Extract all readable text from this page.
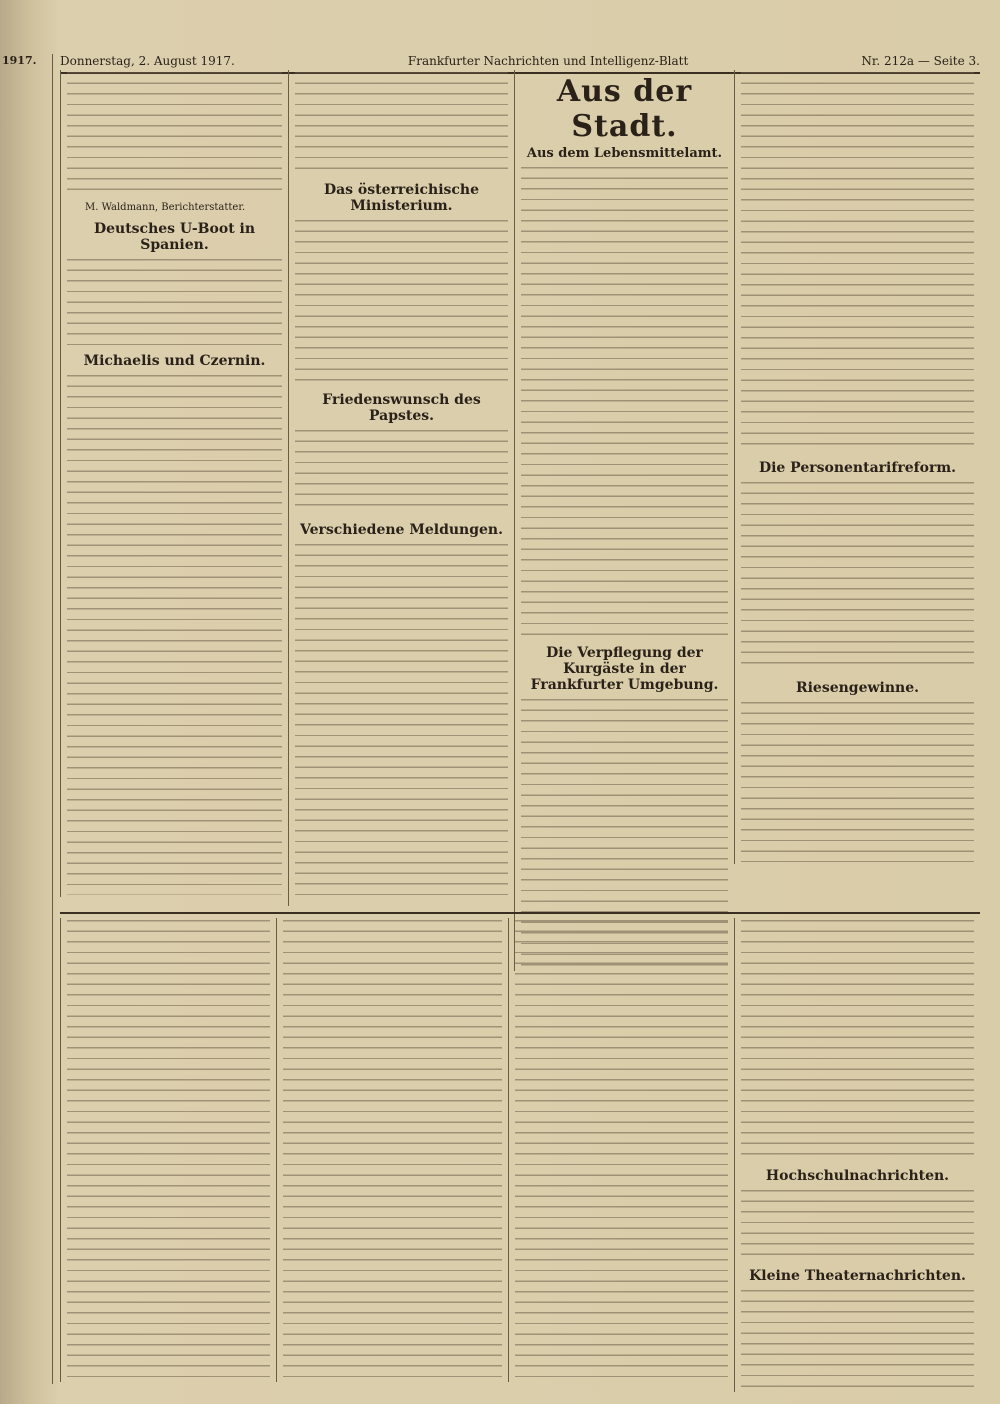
Donnerstag, 2. August 1917.	Frankfurter Nachrichten und Intelligenz-Blatt	Nr. 212a — Seite 3.
1917.
M. Waldmann, Berichterstatter.
Deutsches U-Boot in Spanien.
Michaelis und Czernin.
Das österreichische Ministerium.
Friedenswunsch des Papstes.
Verschiedene Meldungen.
Aus der Stadt.
Aus dem Lebensmittelamt.
Die Verpflegung der Kurgäste in der Frankfurter Umgebung.
Die Personentarifreform.
Riesengewinne.
Hochschulnachrichten.
Kleine Theaternachrichten.
